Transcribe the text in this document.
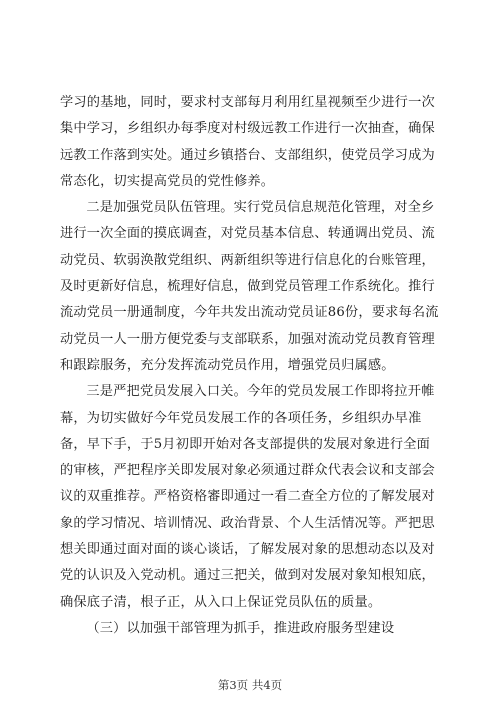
学习的基地，同时，要求村支部每月利用红星视频至少进行一次集中学习，乡组织办每季度对村级远教工作进行一次抽查，确保远教工作落到实处。通过乡镇搭台、支部组织，使党员学习成为常态化，切实提高党员的党性修养。

二是加强党员队伍管理。实行党员信息规范化管理，对全乡进行一次全面的摸底调查，对党员基本信息、转通调出党员、流动党员、软弱涣散党组织、两新组织等进行信息化的台账管理，及时更新好信息，梳理好信息，做到党员管理工作系统化。推行流动党员一册通制度，今年共发出流动党员证86份，要求每名流动党员一人一册方便党委与支部联系，加强对流动党员教育管理和跟踪服务，充分发挥流动党员作用，增强党员归属感。

三是严把党员发展入口关。今年的党员发展工作即将拉开帷幕，为切实做好今年党员发展工作的各项任务，乡组织办早准备，早下手，于5月初即开始对各支部提供的发展对象进行全面的审核，严把程序关即发展对象必须通过群众代表会议和支部会议的双重推荐。严格资格審即通过一看二查全方位的了解发展对象的学习情况、培训情况、政治背景、个人生活情况等。严把思想关即通过面对面的谈心谈话，了解发展对象的思想动态以及对党的认识及入党动机。通过三把关，做到对发展对象知根知底，确保底子清，根子正，从入口上保证党员队伍的质量。

（三）以加强干部管理为抓手，推进政府服务型建设

第3页 共4页
